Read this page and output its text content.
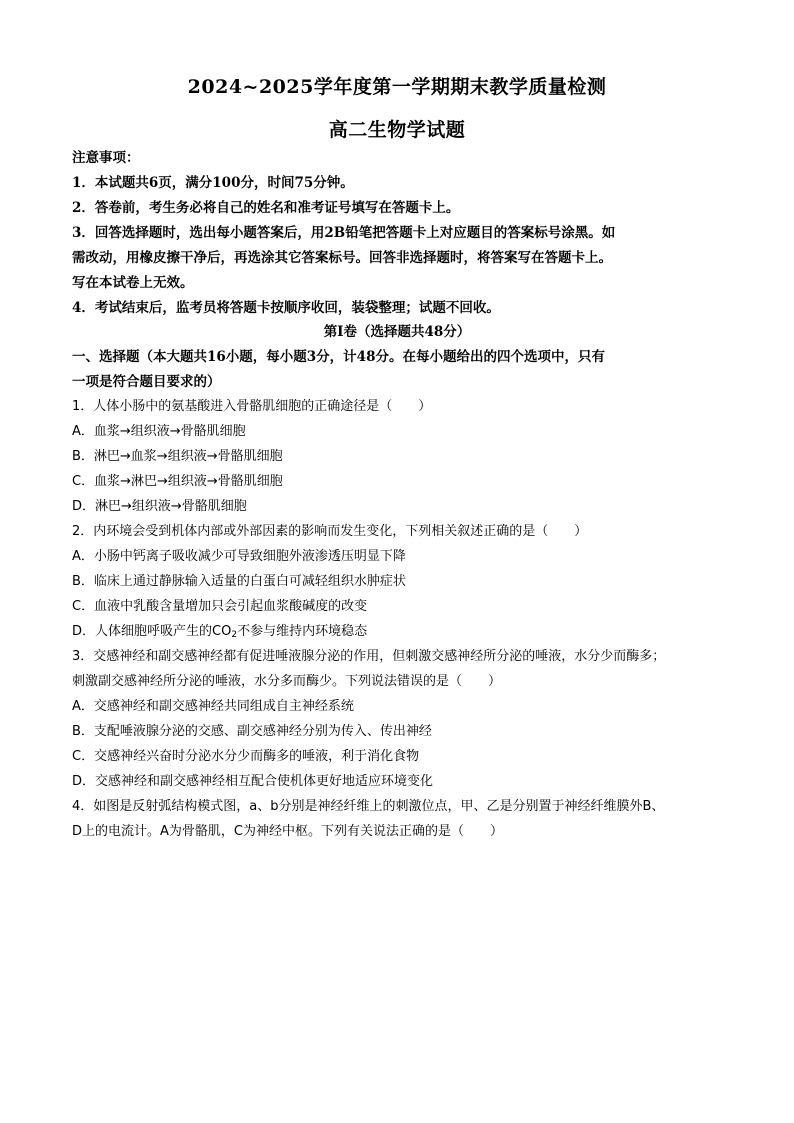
2024~2025学年度第一学期期末教学质量检测
高二生物学试题
注意事项：
1．本试题共6页，满分100分，时间75分钟。
2．答卷前，考生务必将自己的姓名和准考证号填写在答题卡上。
3．回答选择题时，选出每小题答案后，用2B铅笔把答题卡上对应题目的答案标号涂黑。如
需改动，用橡皮擦干净后，再选涂其它答案标号。回答非选择题时，将答案写在答题卡上。
写在本试卷上无效。
4．考试结束后，监考员将答题卡按顺序收回，装袋整理；试题不回收。
第Ⅰ卷（选择题共48分）
一、选择题（本大题共16小题，每小题3分，计48分。在每小题给出的四个选项中，只有
一项是符合题目要求的）
1．人体小肠中的氨基酸进入骨骼肌细胞的正确途径是（　　）
A．血浆→组织液→骨骼肌细胞
B．淋巴→血浆→组织液→骨骼肌细胞
C．血浆→淋巴→组织液→骨骼肌细胞
D．淋巴→组织液→骨骼肌细胞
2．内环境会受到机体内部或外部因素的影响而发生变化，下列相关叙述正确的是（　　）
A．小肠中钙离子吸收减少可导致细胞外液渗透压明显下降
B．临床上通过静脉输入适量的白蛋白可减轻组织水肿症状
C．血液中乳酸含量增加只会引起血浆酸碱度的改变
D．人体细胞呼吸产生的$CO_2$不参与维持内环境稳态
3．交感神经和副交感神经都有促进唾液腺分泌的作用，但刺激交感神经所分泌的唾液，水分少而酶多；
刺激副交感神经所分泌的唾液，水分多而酶少。下列说法错误的是（　　）
A．交感神经和副交感神经共同组成自主神经系统
B．支配唾液腺分泌的交感、副交感神经分别为传入、传出神经
C．交感神经兴奋时分泌水分少而酶多的唾液，利于消化食物
D．交感神经和副交感神经相互配合使机体更好地适应环境变化
4．如图是反射弧结构模式图，a、b分别是神经纤维上的刺激位点，甲、乙是分别置于神经纤维膜外B、
D上的电流计。A为骨骼肌，C为神经中枢。下列有关说法正确的是（　　）
